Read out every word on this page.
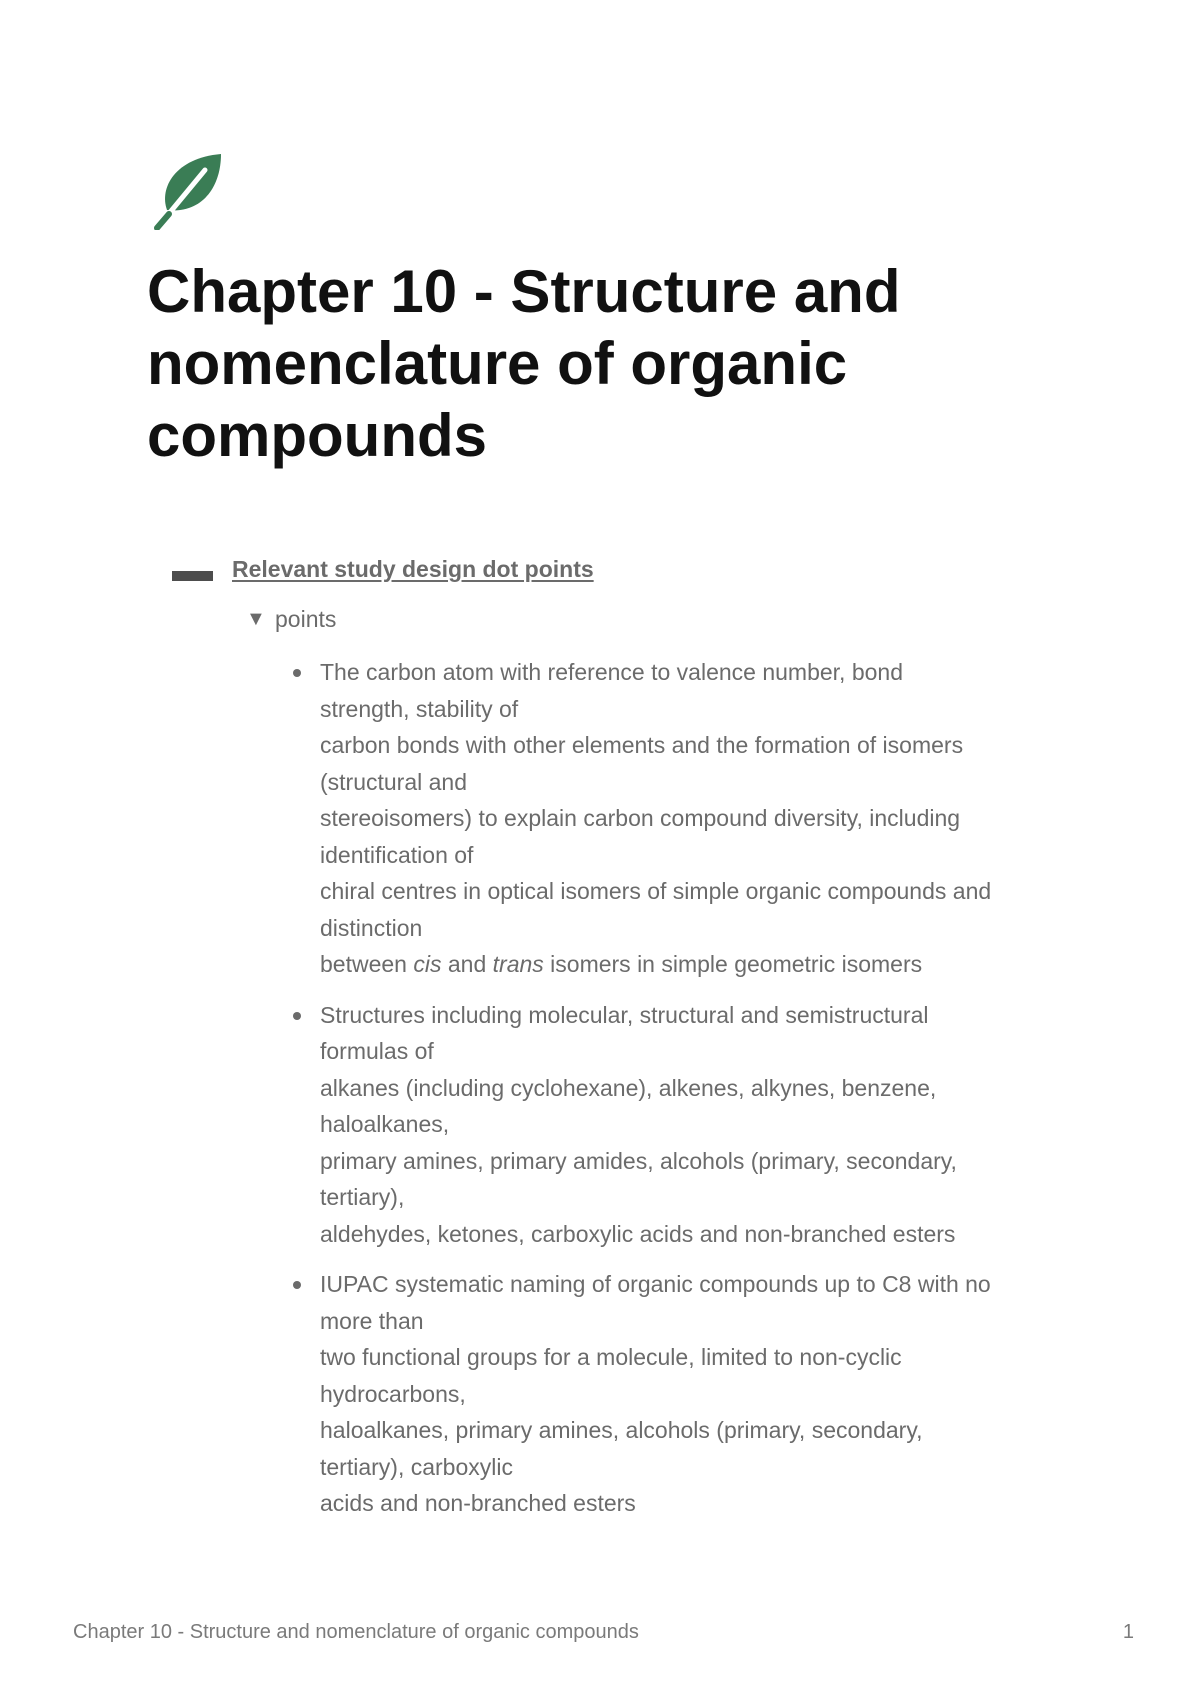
Chapter 10 - Structure and nomenclature of organic compounds
Relevant study design dot points
▼ points
The carbon atom with reference to valence number, bond
strength, stability of
carbon bonds with other elements and the formation of isomers
(structural and
stereoisomers) to explain carbon compound diversity, including
identification of
chiral centres in optical isomers of simple organic compounds and
distinction
between cis and trans isomers in simple geometric isomers
Structures including molecular, structural and semistructural
formulas of
alkanes (including cyclohexane), alkenes, alkynes, benzene,
haloalkanes,
primary amines, primary amides, alcohols (primary, secondary,
tertiary),
aldehydes, ketones, carboxylic acids and non-branched esters
IUPAC systematic naming of organic compounds up to C8 with no
more than
two functional groups for a molecule, limited to non-cyclic
hydrocarbons,
haloalkanes, primary amines, alcohols (primary, secondary,
tertiary), carboxylic
acids and non-branched esters
Chapter 10 - Structure and nomenclature of organic compounds	1
